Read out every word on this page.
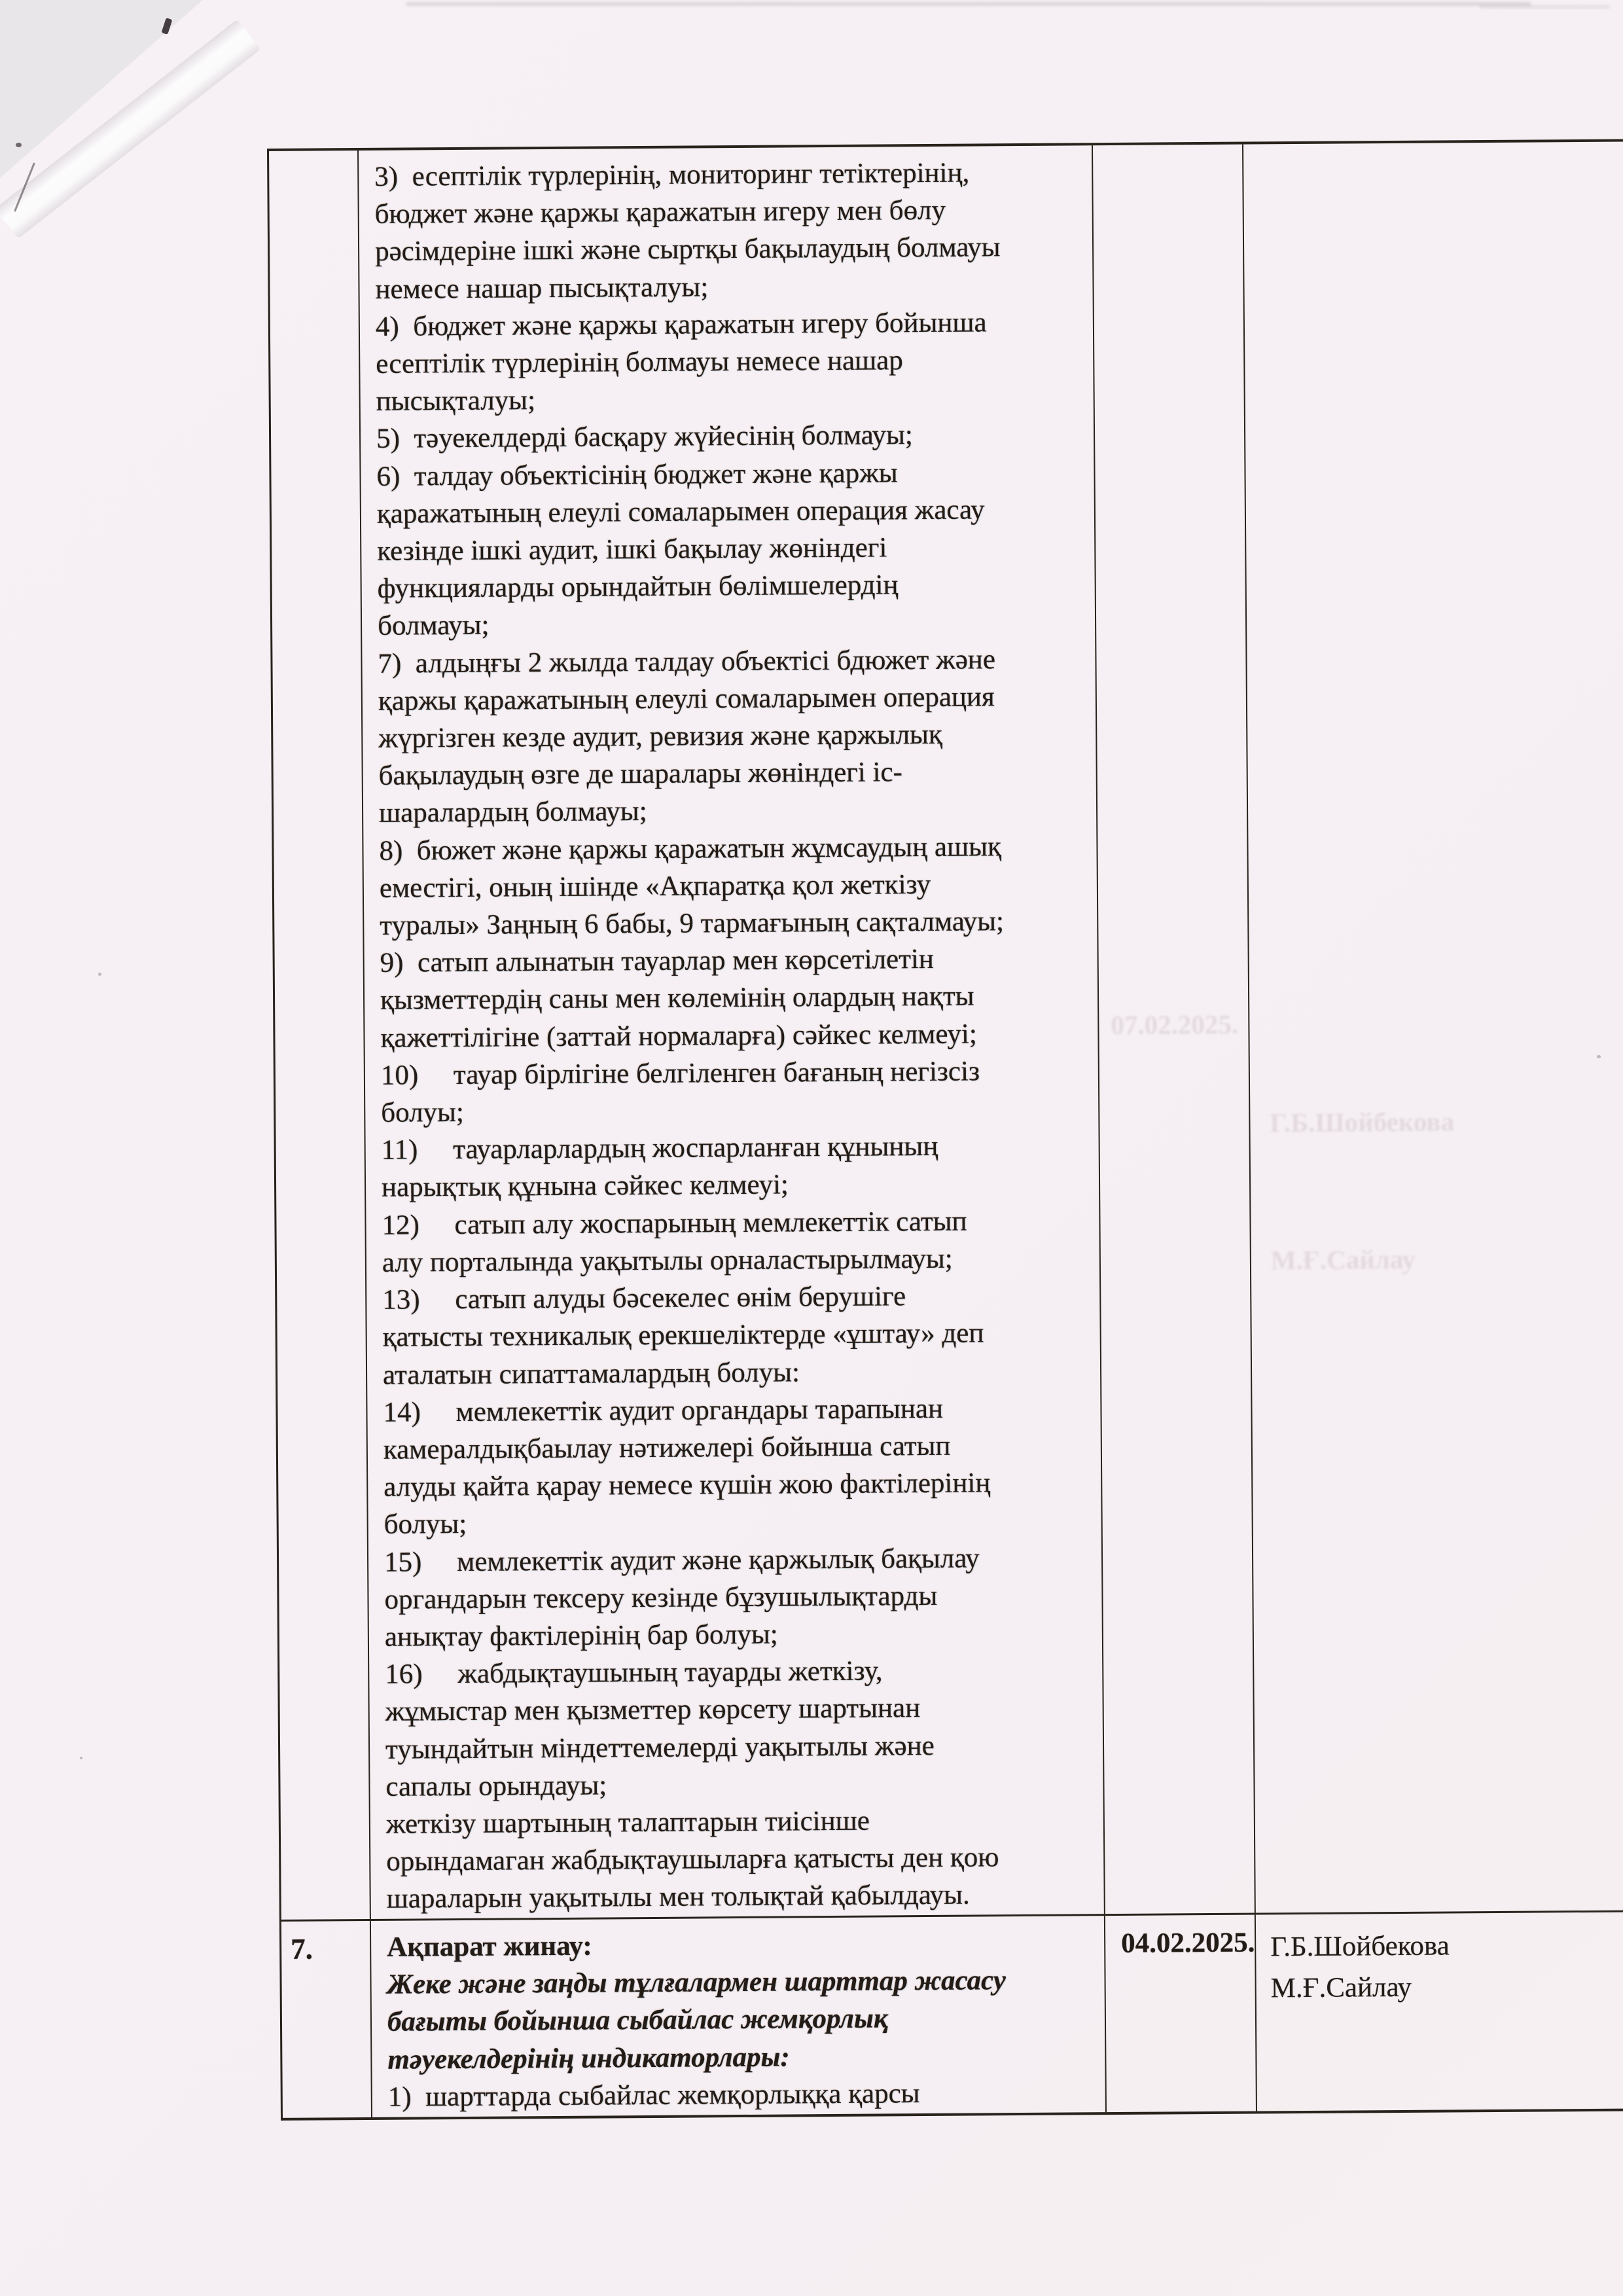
3)  есептілік түрлерінің, мониторинг тетіктерінің,
бюджет және қаржы қаражатын игеру мен бөлу
рәсімдеріне ішкі және сыртқы бақылаудың болмауы
немесе нашар пысықталуы;
4)  бюджет және қаржы қаражатын игеру бойынша
есептілік түрлерінің болмауы немесе нашар
пысықталуы;
5)  тәуекелдерді басқару жүйесінің болмауы;
6)  талдау объектісінің бюджет және қаржы
қаражатының елеулі сомаларымен операция жасау
кезінде ішкі аудит, ішкі бақылау жөніндегі
функцияларды орындайтын бөлімшелердің
болмауы;
7)  алдыңғы 2 жылда талдау объектісі бдюжет және
қаржы қаражатының елеулі сомаларымен операция
жүргізген кезде аудит, ревизия және қаржылық
бақылаудың өзге де шаралары жөніндегі іс-
шаралардың болмауы;
8)  бюжет және қаржы қаражатын жұмсаудың ашық
еместігі, оның ішінде «Ақпаратқа қол жеткізу
туралы» Заңның 6 бабы, 9 тармағының сақталмауы;
9)  сатып алынатын тауарлар мен көрсетілетін
қызметтердің саны мен көлемінің олардың нақты
қажеттілігіне (заттай нормаларға) сәйкес келмеуі;
10)     тауар бірлігіне белгіленген бағаның негізсіз
болуы;
11)     тауарларлардың жоспарланған құнының
нарықтық құнына сәйкес келмеуі;
12)     сатып алу жоспарының мемлекеттік сатып
алу порталында уақытылы орналастырылмауы;
13)     сатып алуды бәсекелес өнім берушіге
қатысты техникалық ерекшеліктерде «ұштау» деп
аталатын сипаттамалардың болуы:
14)     мемлекеттік аудит органдары тарапынан
камералдықбаылау нәтижелері бойынша сатып
алуды қайта қарау немесе күшін жою фактілерінің
болуы;
15)     мемлекеттік аудит және қаржылық бақылау
органдарын тексеру кезінде бұзушылықтарды
анықтау фактілерінің бар болуы;
16)     жабдықтаушының тауарды жеткізу,
жұмыстар мен қызметтер көрсету шартынан
туындайтын міндеттемелерді уақытылы және
сапалы орындауы;
жеткізу шартының талаптарын тиісінше
орындамаган жабдықтаушыларға қатысты ден қою
шараларын уақытылы мен толықтай қабылдауы.
07.02.2025.

Г.Б.Шойбекова

М.Ғ.Сайлау

7.	Ақпарат жинау:
Жеке және заңды тұлғалармен шарттар жасасу
бағыты бойынша сыбайлас жемқорлық
тәуекелдерінің индикаторлары:
1)  шарттарда сыбайлас жемқорлыққа қарсы
04.02.2025. Г.Б.Шойбекова
М.Ғ.Сайлау
